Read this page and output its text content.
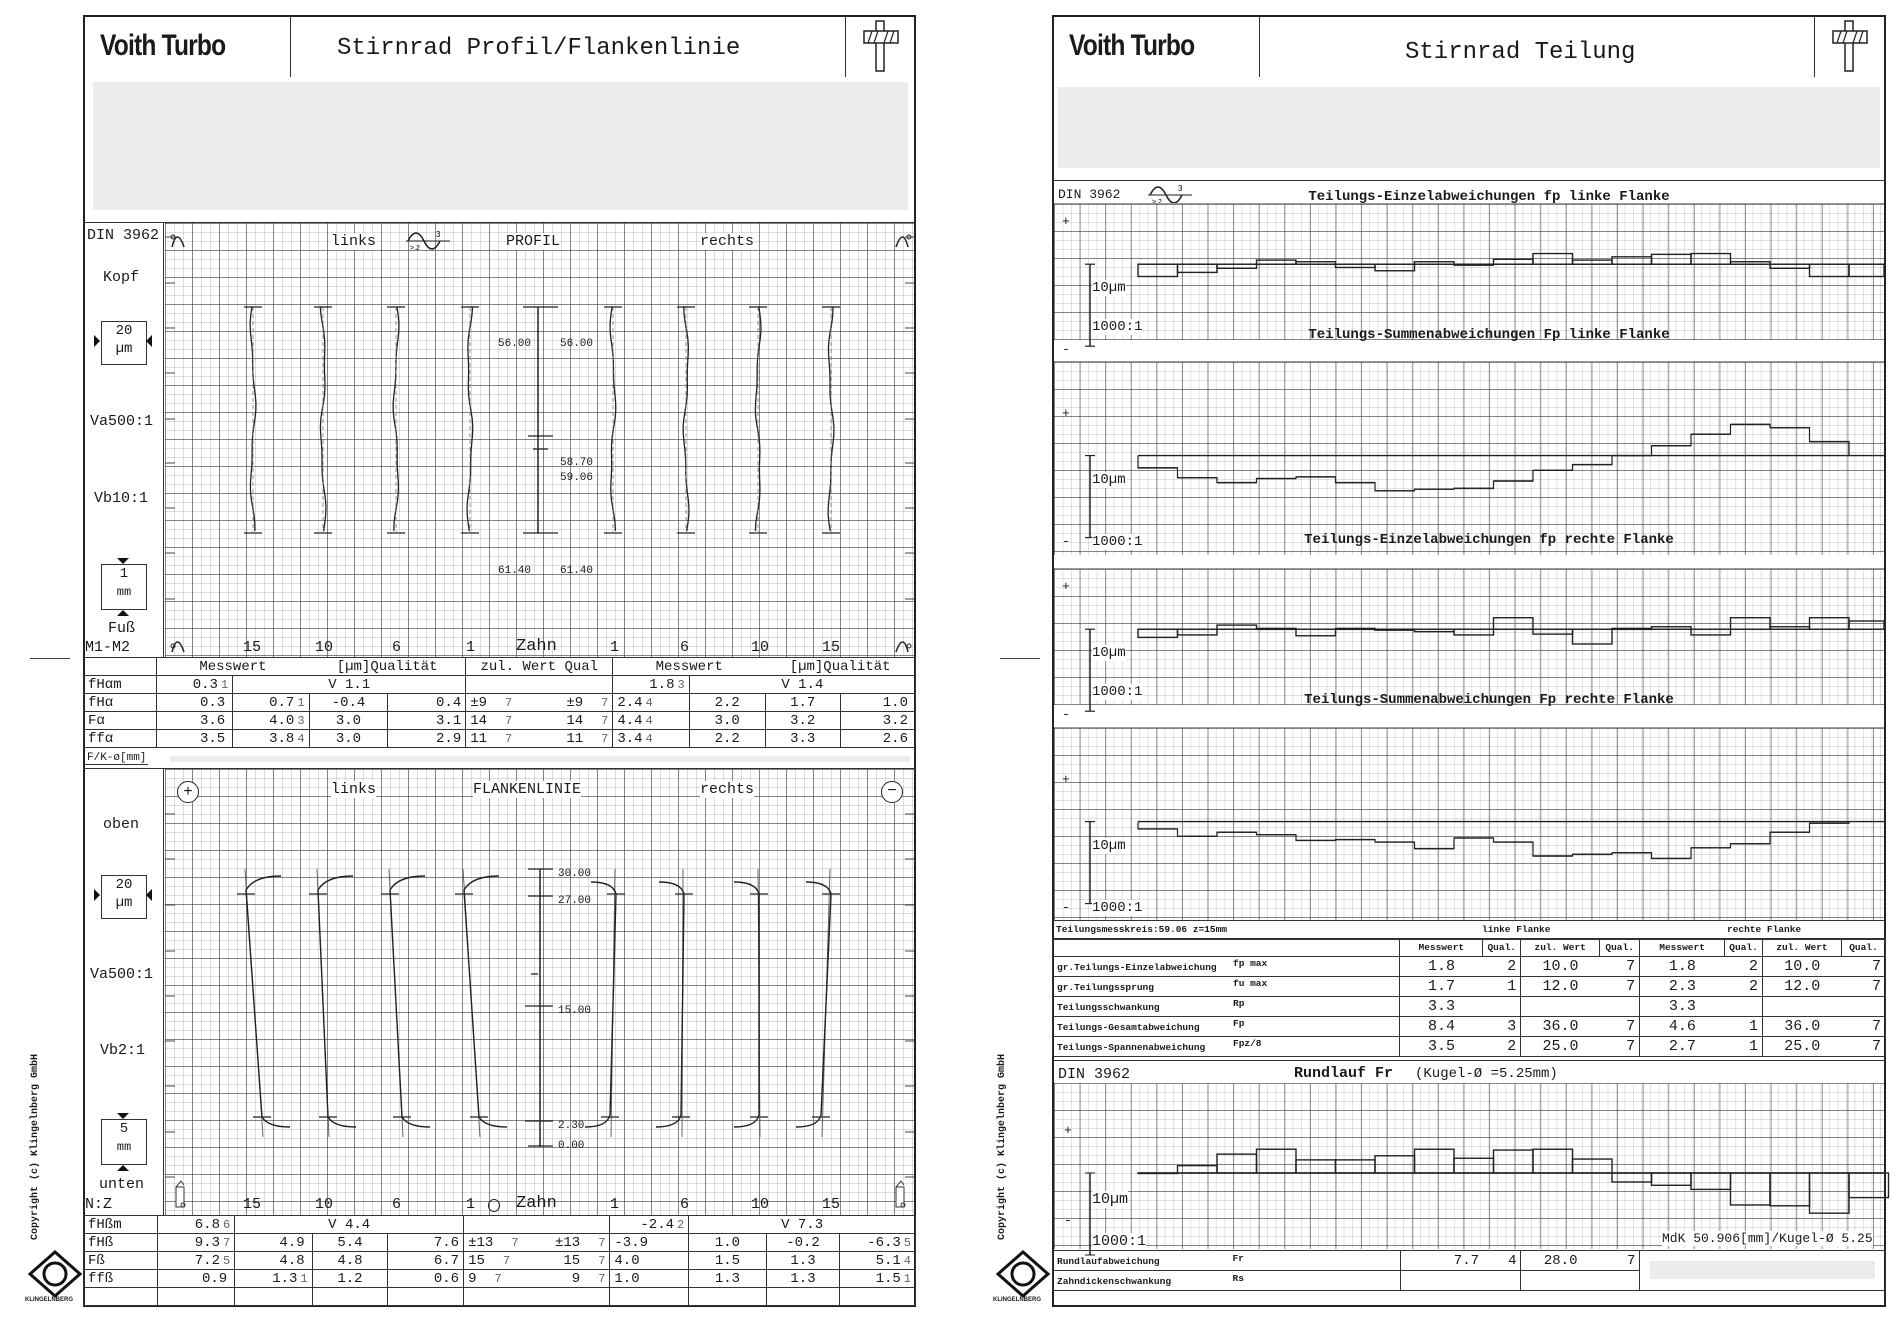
Voith Turbo	Stirnrad Profil/Flankenlinie
DIN 3962
Kopf
20
µm
Va500:1
Vb10:1
1
mm
Fuß
M1-M2
links	3
>.2	PROFIL	rechts
56.00	56.00
58.70
59.06
61.40	61.40
15	10	6	1 Zahn	1	6	10	15
	Messwert		[µm]Qualität		zul. Wert Qual		Messwert		[µm]Qualität	
fHαm	0.3 1	V 1.1					1.8 3	V 1.4		
fHα	0.3	0.7 1	-0.4	0.4	±9 7	±9 7	2.4 4	2.2	1.7	1.0
Fα	3.6	4.0 3	3.0	3.1	14 7	14 7	4.4 4	3.0	3.2	3.2
ffα	3.5	3.8 4	3.0	2.9	11 7	11 7	3.4 4	2.2	3.3	2.6
F/K-ø[mm]
oben
20
µm
Va500:1
Vb2:1
5
mm
unten
N:Z
+	−
links	FLANKENLINIE	rechts
30.00
27.00
15.00
2.30
0.00
15	10	6	1 Zahn	1	6	10	15
fHßm	6.8 6	V 4.4					-2.4 2	V 7.3		
fHß	9.3 7	4.9	5.4	7.6	±13 7	±13 7	-3.9	1.0	-0.2	-6.3 5
Fß	7.2 5	4.8	4.8	6.7	15 7	15 7	4.0	1.5	1.3	5.1 4
ffß	0.9	1.3 1	1.2	0.6	9 7	9 7	1.0	1.3	1.3	1.5 1

Copyright (c) Klingelnberg GmbH
KLINGELNBERG
Voith Turbo	Stirnrad Teilung
DIN 3962	3
Teilungs-Einzelabweichungen fp linke Flanke
10µm
1000:1
+
-
Teilungs-Summenabweichungen Fp linke Flanke
10µm
1000:1
+
-	Teilungs-Einzelabweichungen fp rechte Flanke
10µm
1000:1
+
-
Teilungs-Summenabweichungen Fp rechte Flanke
10µm
1000:1
+
-
Teilungsmesskreis:59.06 z=15mm	linke Flanke	rechte Flanke
	Messwert	Qual.	zul. Wert	Qual.	Messwert	Qual.	zul. Wert	Qual.
gr.Teilungs-Einzelabweichung fp max	1.8	2	10.0	7	1.8	2	10.0	7
gr.Teilungssprung fu max	1.7	1	12.0	7	2.3	2	12.0	7
Teilungsschwankung Rp	3.3				3.3			
Teilungs-Gesamtabweichung Fp	8.4	3	36.0	7	4.6	1	36.0	7
Teilungs-Spannenabweichung Fpz/8	3.5	2	25.0	7	2.7	1	25.0	7
DIN 3962	Rundlauf Fr (Kugel-Ø =5.25mm)
+
-
10µm
1000:1	MdK 50.906[mm]/Kugel-Ø 5.25
Rundlaufabweichung Fr	7.7	4	28.0	7	

Zahndickenschwankung Rs					

Copyright (c) Klingelnberg GmbH
KLINGELNBERG
